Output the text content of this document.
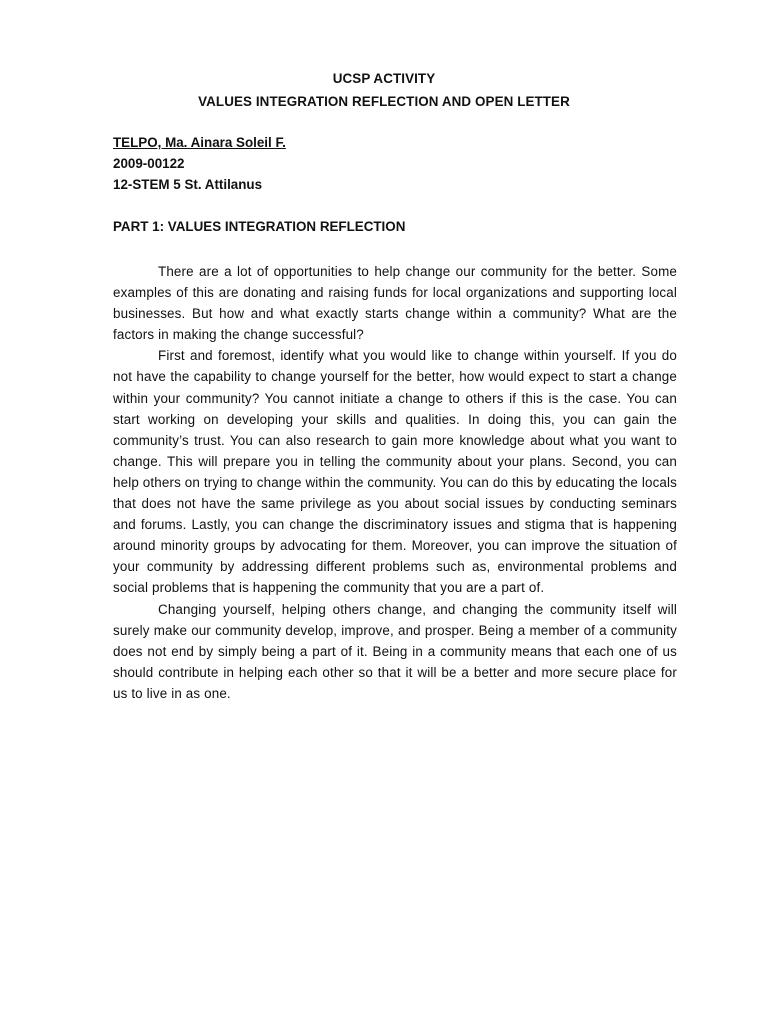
UCSP ACTIVITY
VALUES INTEGRATION REFLECTION AND OPEN LETTER
TELPO, Ma. Ainara Soleil F.
2009-00122
12-STEM 5 St. Attilanus
PART 1: VALUES INTEGRATION REFLECTION

There are a lot of opportunities to help change our community for the better. Some examples of this are donating and raising funds for local organizations and supporting local businesses. But how and what exactly starts change within a community? What are the factors in making the change successful?

First and foremost, identify what you would like to change within yourself. If you do not have the capability to change yourself for the better, how would expect to start a change within your community? You cannot initiate a change to others if this is the case. You can start working on developing your skills and qualities. In doing this, you can gain the community’s trust. You can also research to gain more knowledge about what you want to change. This will prepare you in telling the community about your plans. Second, you can help others on trying to change within the community. You can do this by educating the locals that does not have the same privilege as you about social issues by conducting seminars and forums. Lastly, you can change the discriminatory issues and stigma that is happening around minority groups by advocating for them. Moreover, you can improve the situation of your community by addressing different problems such as, environmental problems and social problems that is happening the community that you are a part of.

Changing yourself, helping others change, and changing the community itself will surely make our community develop, improve, and prosper. Being a member of a community does not end by simply being a part of it. Being in a community means that each one of us should contribute in helping each other so that it will be a better and more secure place for us to live in as one.
